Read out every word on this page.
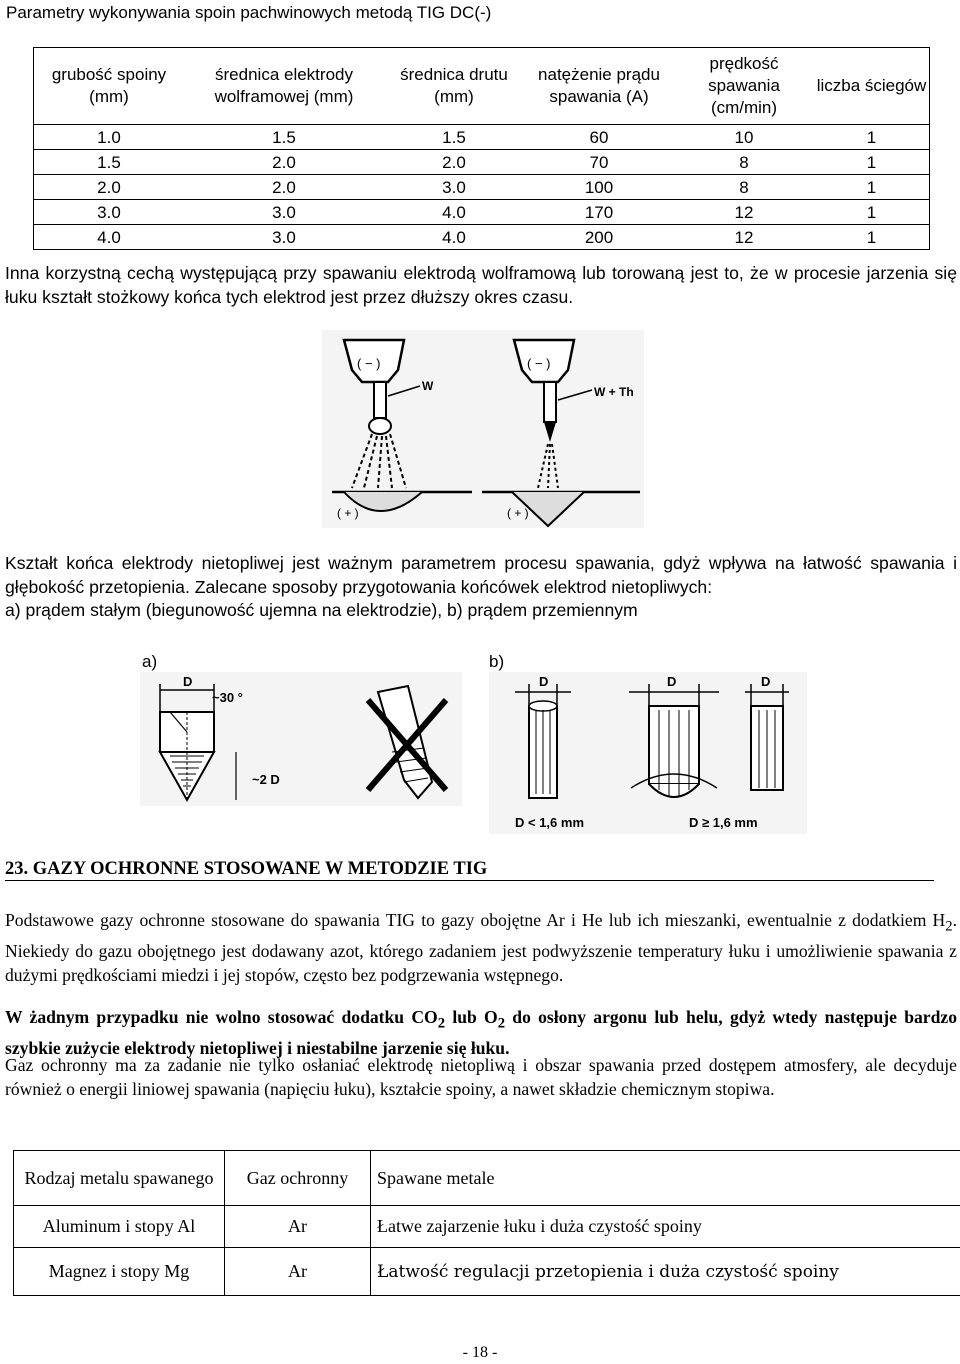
Parametry wykonywania spoin pachwinowych metodą TIG DC(-)
grubość spoiny (mm)	średnica elektrody wolframowej (mm)	średnica drutu (mm)	natężenie prądu spawania (A)	prędkość spawania (cm/min)	liczba ściegów
1.0	1.5	1.5	60	10	1
1.5	2.0	2.0	70	8	1
2.0	2.0	3.0	100	8	1
3.0	3.0	4.0	170	12	1
4.0	3.0	4.0	200	12	1
Inna korzystną cechą występującą przy spawaniu elektrodą wolframową lub torowaną jest to, że w procesie jarzenia się łuku kształt stożkowy końca tych elektrod jest przez dłuższy okres czasu.
( − )
W
( + )
( − )
W + Th
( + )
Kształt końca elektrody nietopliwej jest ważnym parametrem procesu spawania, gdyż wpływa na łatwość spawania i głębokość przetopienia. Zalecane sposoby przygotowania końcówek elektrod nietopliwych:
a) prądem stałym (biegunowość ujemna na elektrodzie), b) prądem przemiennym
a)	b)
D
~30 °
~2 D
D
D < 1,6 mm
D	D
D ≥ 1,6 mm
23. GAZY OCHRONNE STOSOWANE W METODZIE TIG
Podstawowe gazy ochronne stosowane do spawania TIG to gazy obojętne Ar i He lub ich mieszanki, ewentualnie z dodatkiem $H_2$. Niekiedy do gazu obojętnego jest dodawany azot, którego zadaniem jest podwyższenie temperatury łuku i umożliwienie spawania z dużymi prędkościami miedzi i jej stopów, często bez podgrzewania wstępnego.
W żadnym przypadku nie wolno stosować dodatku $CO_2$ lub $O_2$ do osłony argonu lub helu, gdyż wtedy następuje bardzo szybkie zużycie elektrody nietopliwej i niestabilne jarzenie się łuku.
Gaz ochronny ma za zadanie nie tylko osłaniać elektrodę nietopliwą i obszar spawania przed dostępem atmosfery, ale decyduje również o energii liniowej spawania (napięciu łuku), kształcie spoiny, a nawet składzie chemicznym stopiwa.
Rodzaj metalu spawanego	Gaz ochronny	Spawane metale
Aluminum i stopy Al	Ar	Łatwe zajarzenie łuku i duża czystość spoiny
Magnez i stopy Mg	Ar	Łatwość regulacji przetopienia i duża czystość spoiny
- 18 -
